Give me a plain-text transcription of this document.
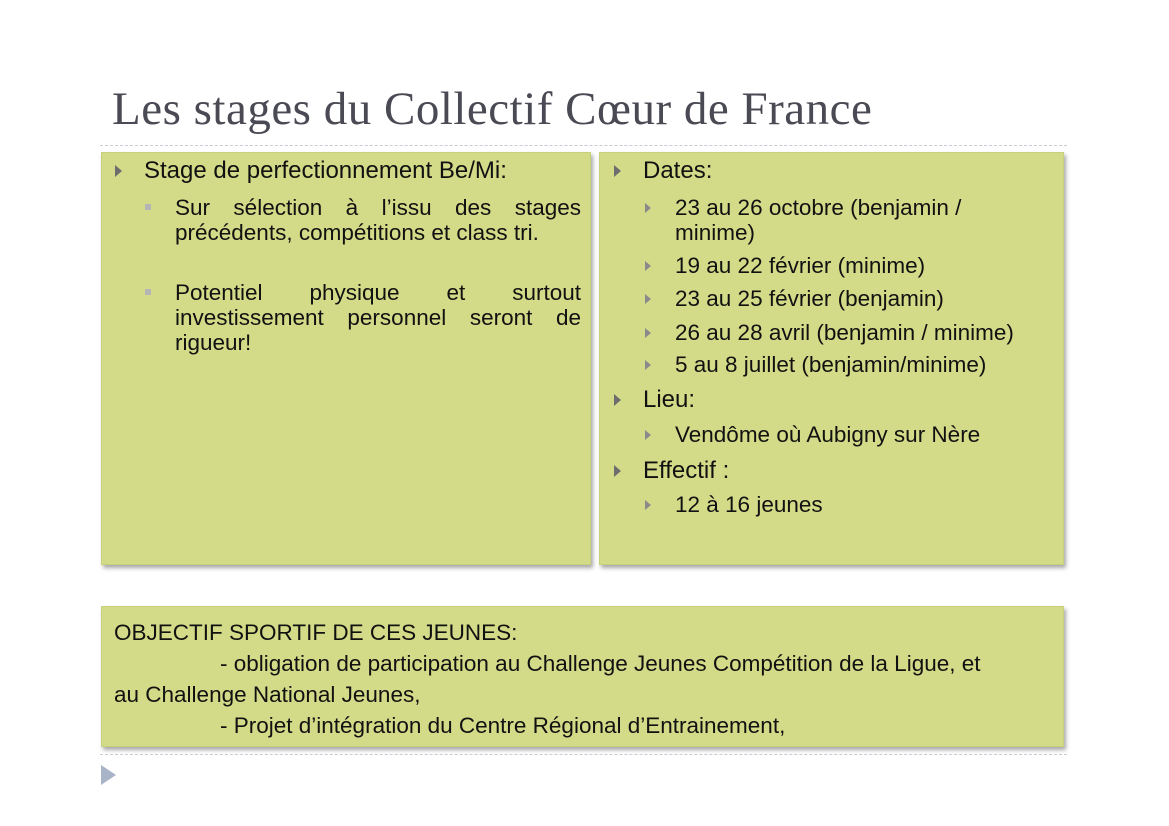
Les stages du Collectif Cœur de France
Stage de perfectionnement Be/Mi:
Sur sélection à l’issu des stages précédents, compétitions et class tri.
Potentiel physique et surtout investissement personnel seront de rigueur!
Dates:
23 au 26 octobre (benjamin / minime)
19 au 22 février (minime)
23 au 25 février (benjamin)
26 au 28 avril (benjamin / minime)
5 au 8 juillet (benjamin/minime)
Lieu:
Vendôme où Aubigny sur Nère
Effectif :
12 à 16 jeunes
OBJECTIF SPORTIF DE CES JEUNES:
- obligation de participation au Challenge Jeunes Compétition de la Ligue, et
au Challenge National Jeunes,
- Projet d’intégration du Centre Régional d’Entrainement,
